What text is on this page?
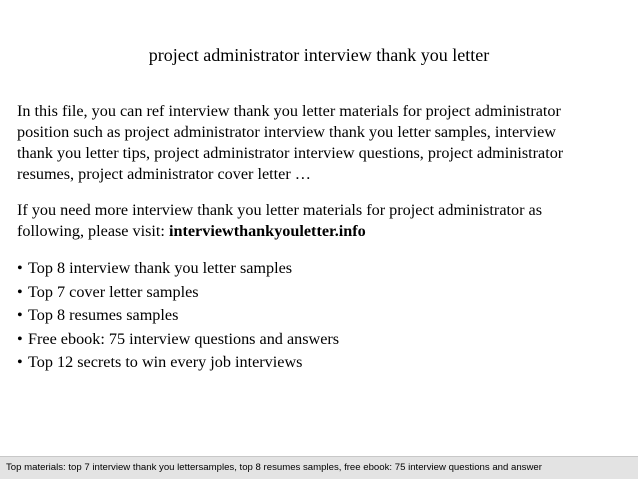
project administrator interview thank you letter

In this file, you can ref interview thank you letter materials for project administrator
position such as project administrator interview thank you letter samples, interview
thank you letter tips, project administrator interview questions, project administrator
resumes, project administrator cover letter …

If you need more interview thank you letter materials for project administrator as
following, please visit: interviewthankyouletter.info

• Top 8 interview thank you letter samples
• Top 7 cover letter samples
• Top 8 resumes samples
• Free ebook: 75 interview questions and answers
• Top 12 secrets to win every job interviews
Top materials: top 7 interview thank you lettersamples, top 8 resumes samples, free ebook: 75 interview questions and answer
